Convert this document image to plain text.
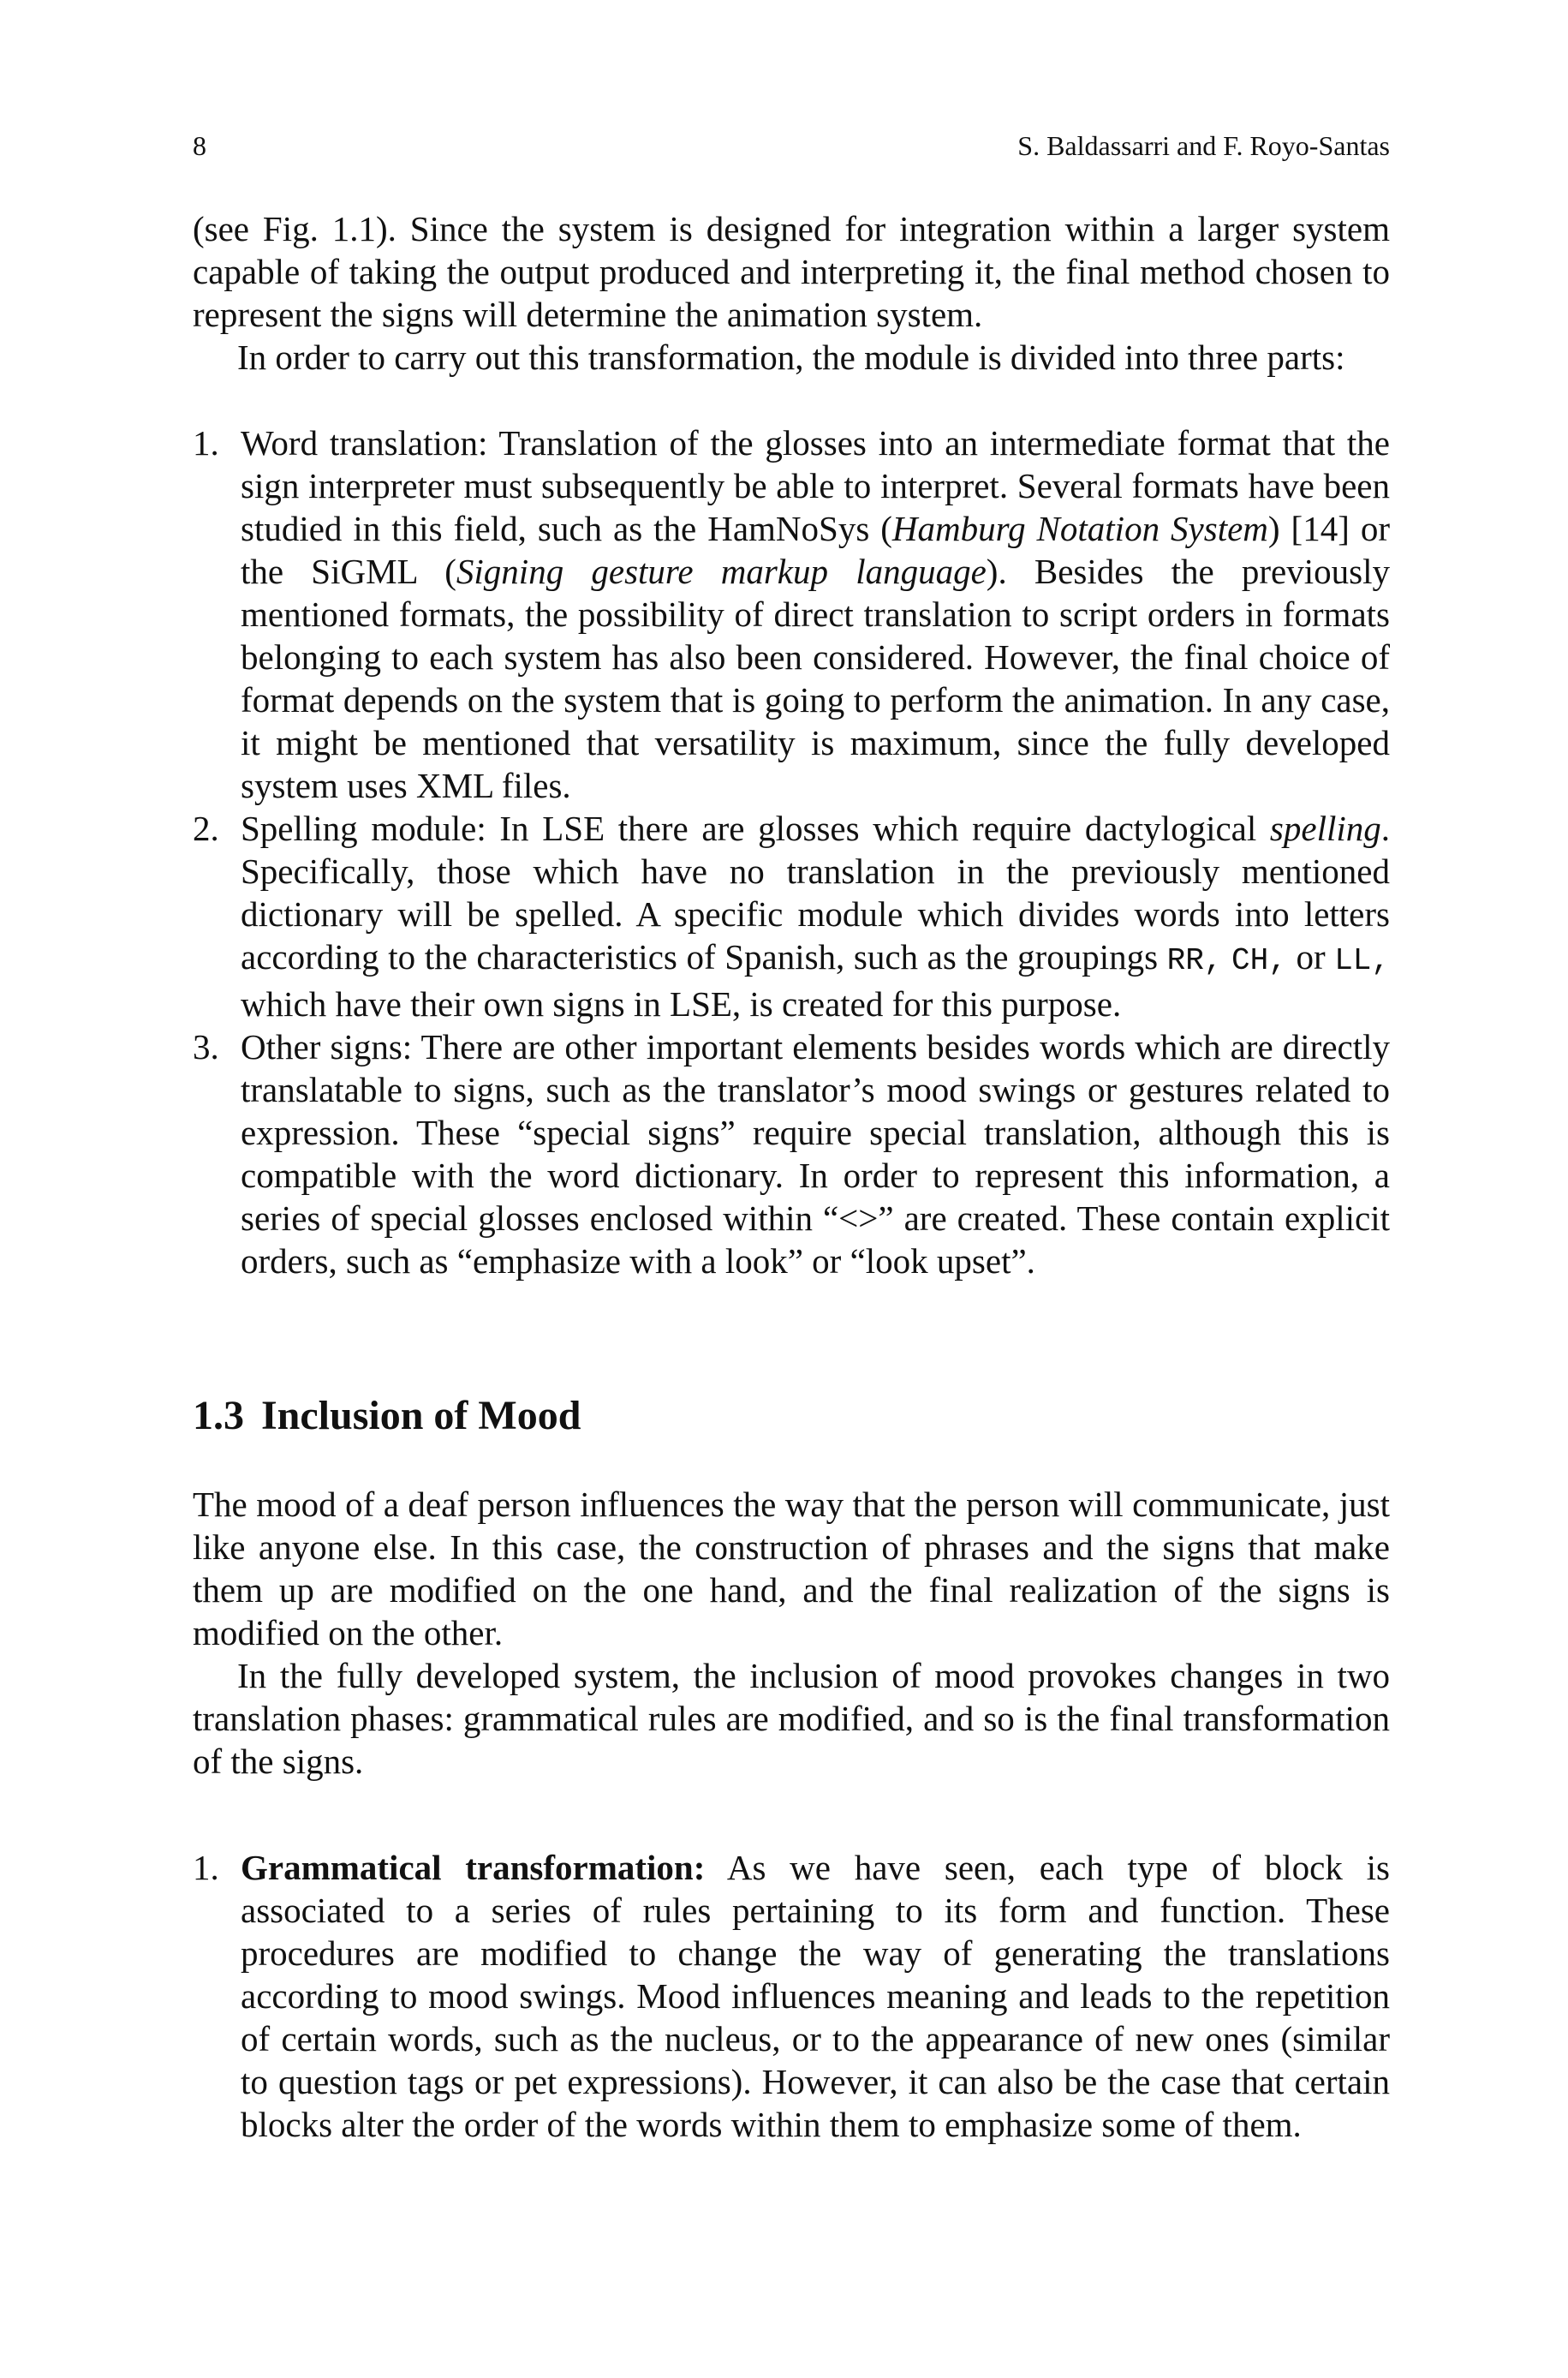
8	S. Baldassarri and F. Royo-Santas

(see Fig. 1.1). Since the system is designed for integration within a larger system capable of taking the output produced and interpreting it, the final method chosen to represent the signs will determine the animation system.

In order to carry out this transformation, the module is divided into three parts:

1. Word translation: Translation of the glosses into an intermediate format that the sign interpreter must subsequently be able to interpret. Several formats have been studied in this field, such as the HamNoSys (Hamburg Notation System) [14] or the SiGML (Signing gesture markup language). Besides the previously mentioned formats, the possibility of direct translation to script orders in formats belonging to each system has also been considered. However, the final choice of format depends on the system that is going to perform the animation. In any case, it might be mentioned that versatility is maximum, since the fully developed system uses XML files.

2. Spelling module: In LSE there are glosses which require dactylogical spelling. Specifically, those which have no translation in the previously mentioned dictionary will be spelled. A specific module which divides words into letters according to the characteristics of Spanish, such as the groupings RR, CH, or LL, which have their own signs in LSE, is created for this purpose.

3. Other signs: There are other important elements besides words which are directly translatable to signs, such as the translator’s mood swings or gestures related to expression. These “special signs” require special translation, although this is compatible with the word dictionary. In order to represent this information, a series of special glosses enclosed within “<>” are created. These contain explicit orders, such as “emphasize with a look” or “look upset”.

1.3 Inclusion of Mood

The mood of a deaf person influences the way that the person will communicate, just like anyone else. In this case, the construction of phrases and the signs that make them up are modified on the one hand, and the final realization of the signs is modified on the other.

In the fully developed system, the inclusion of mood provokes changes in two translation phases: grammatical rules are modified, and so is the final transformation of the signs.

1. Grammatical transformation: As we have seen, each type of block is associated to a series of rules pertaining to its form and function. These procedures are modified to change the way of generating the translations according to mood swings. Mood influences meaning and leads to the repetition of certain words, such as the nucleus, or to the appearance of new ones (similar to question tags or pet expressions). However, it can also be the case that certain blocks alter the order of the words within them to emphasize some of them.
